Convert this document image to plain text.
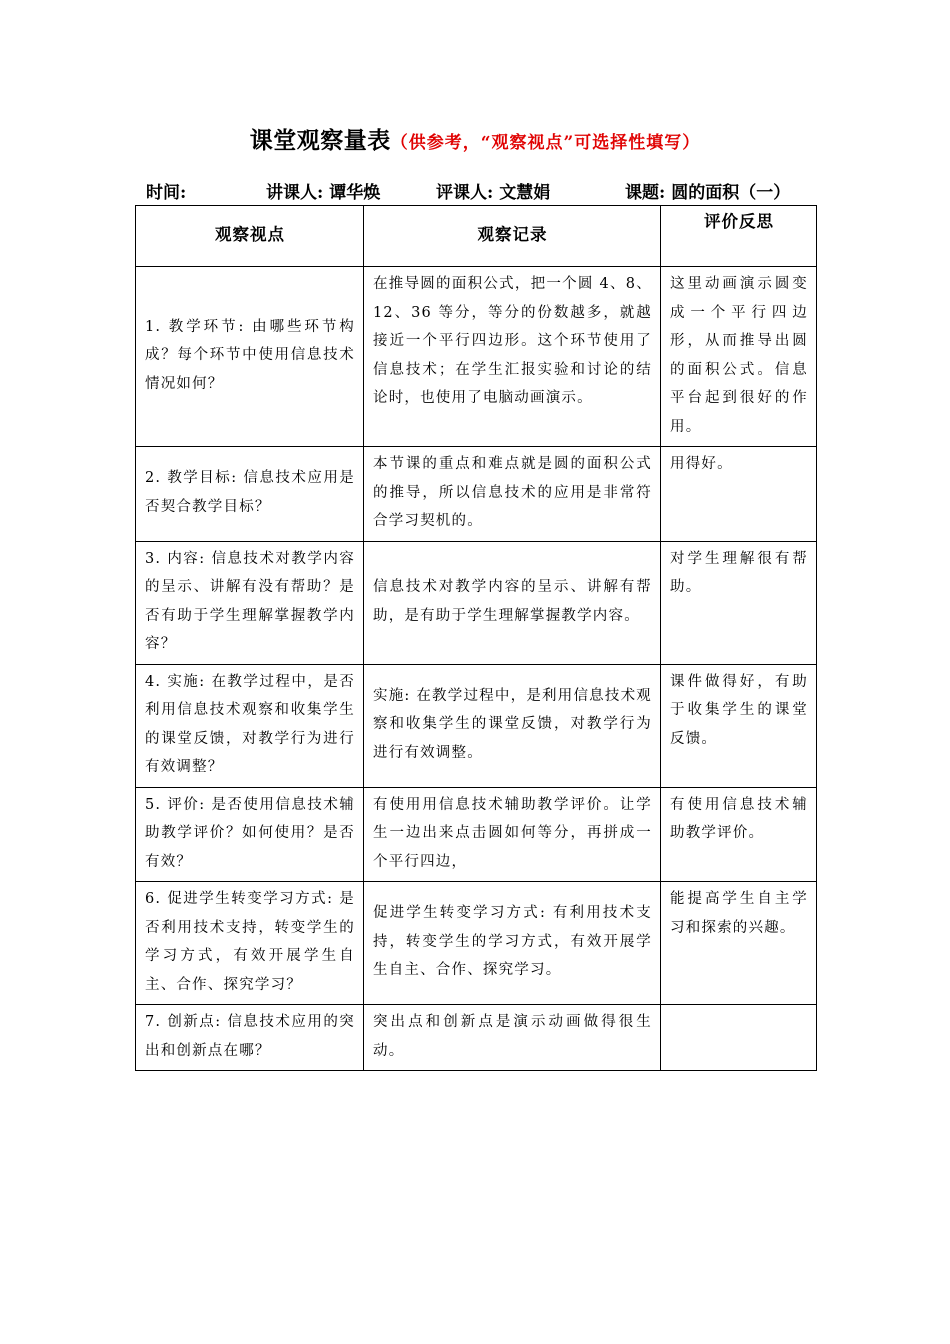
课堂观察量表（供参考，“观察视点”可选择性填写）
时间:	讲课人: 谭华焕	评课人: 文慧娟	课题: 圆的面积（一）
观察视点	观察记录	评价反思
1. 教学环节: 由哪些环节构成？每个环节中使用信息技术情况如何？	在推导圆的面积公式，把一个圆 4、8、12、36 等分，等分的份数越多，就越接近一个平行四边形。这个环节使用了信息技术；在学生汇报实验和讨论的结论时，也使用了电脑动画演示。	这里动画演示圆变成一个平行四边形，从而推导出圆的面积公式。信息平台起到很好的作用。
2. 教学目标: 信息技术应用是否契合教学目标？	本节课的重点和难点就是圆的面积公式的推导，所以信息技术的应用是非常符合学习契机的。	用得好。
3. 内容: 信息技术对教学内容的呈示、讲解有没有帮助？是否有助于学生理解掌握教学内容？	信息技术对教学内容的呈示、讲解有帮助，是有助于学生理解掌握教学内容。	对学生理解很有帮助。
4. 实施: 在教学过程中，是否利用信息技术观察和收集学生的课堂反馈，对教学行为进行有效调整？	实施: 在教学过程中，是利用信息技术观察和收集学生的课堂反馈，对教学行为进行有效调整。	课件做得好，有助于收集学生的课堂反馈。
5. 评价: 是否使用信息技术辅助教学评价？如何使用？是否有效？	有使用用信息技术辅助教学评价。让学生一边出来点击圆如何等分，再拼成一个平行四边，	有使用信息技术辅助教学评价。
6. 促进学生转变学习方式: 是否利用技术支持，转变学生的学习方式，有效开展学生自主、合作、探究学习？	促进学生转变学习方式: 有利用技术支持，转变学生的学习方式，有效开展学生自主、合作、探究学习。	能提高学生自主学习和探索的兴趣。
7. 创新点: 信息技术应用的突出和创新点在哪？	突出点和创新点是演示动画做得很生动。	
